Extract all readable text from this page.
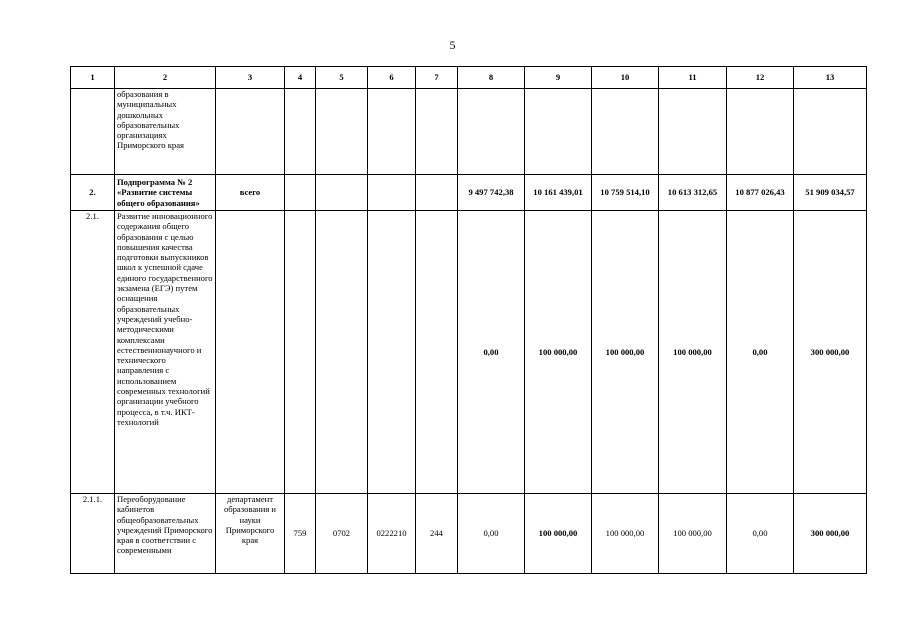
5
1	2	3	4	5	6	7	8	9	10	11	12	13
	образования в муниципальных дошкольных образовательных организациях Приморского края											
2.	Подпрограмма № 2 «Развитие системы общего образования»	всего					9 497 742,38	10 161 439,01	10 759 514,10	10 613 312,65	10 877 026,43	51 909 034,57
2.1.	Развитие инновационного содержания общего образования с целью повышения качества подготовки выпускников школ к успешной сдаче единого государственного экзамена (ЕГЭ) путем оснащения образовательных учреждений учебно-методическими комплексами естественнонаучного и технического направления с использованием современных технологий организации учебного процесса, в т.ч. ИКТ-технологий						0,00	100 000,00	100 000,00	100 000,00	0,00	300 000,00
2.1.1.	Переоборудование кабинетов общеобразовательных учреждений Приморского края в соответствии с современными	департамент образования и науки Приморского края	759	0702	0222210	244	0,00	100 000,00	100 000,00	100 000,00	0,00	300 000,00
